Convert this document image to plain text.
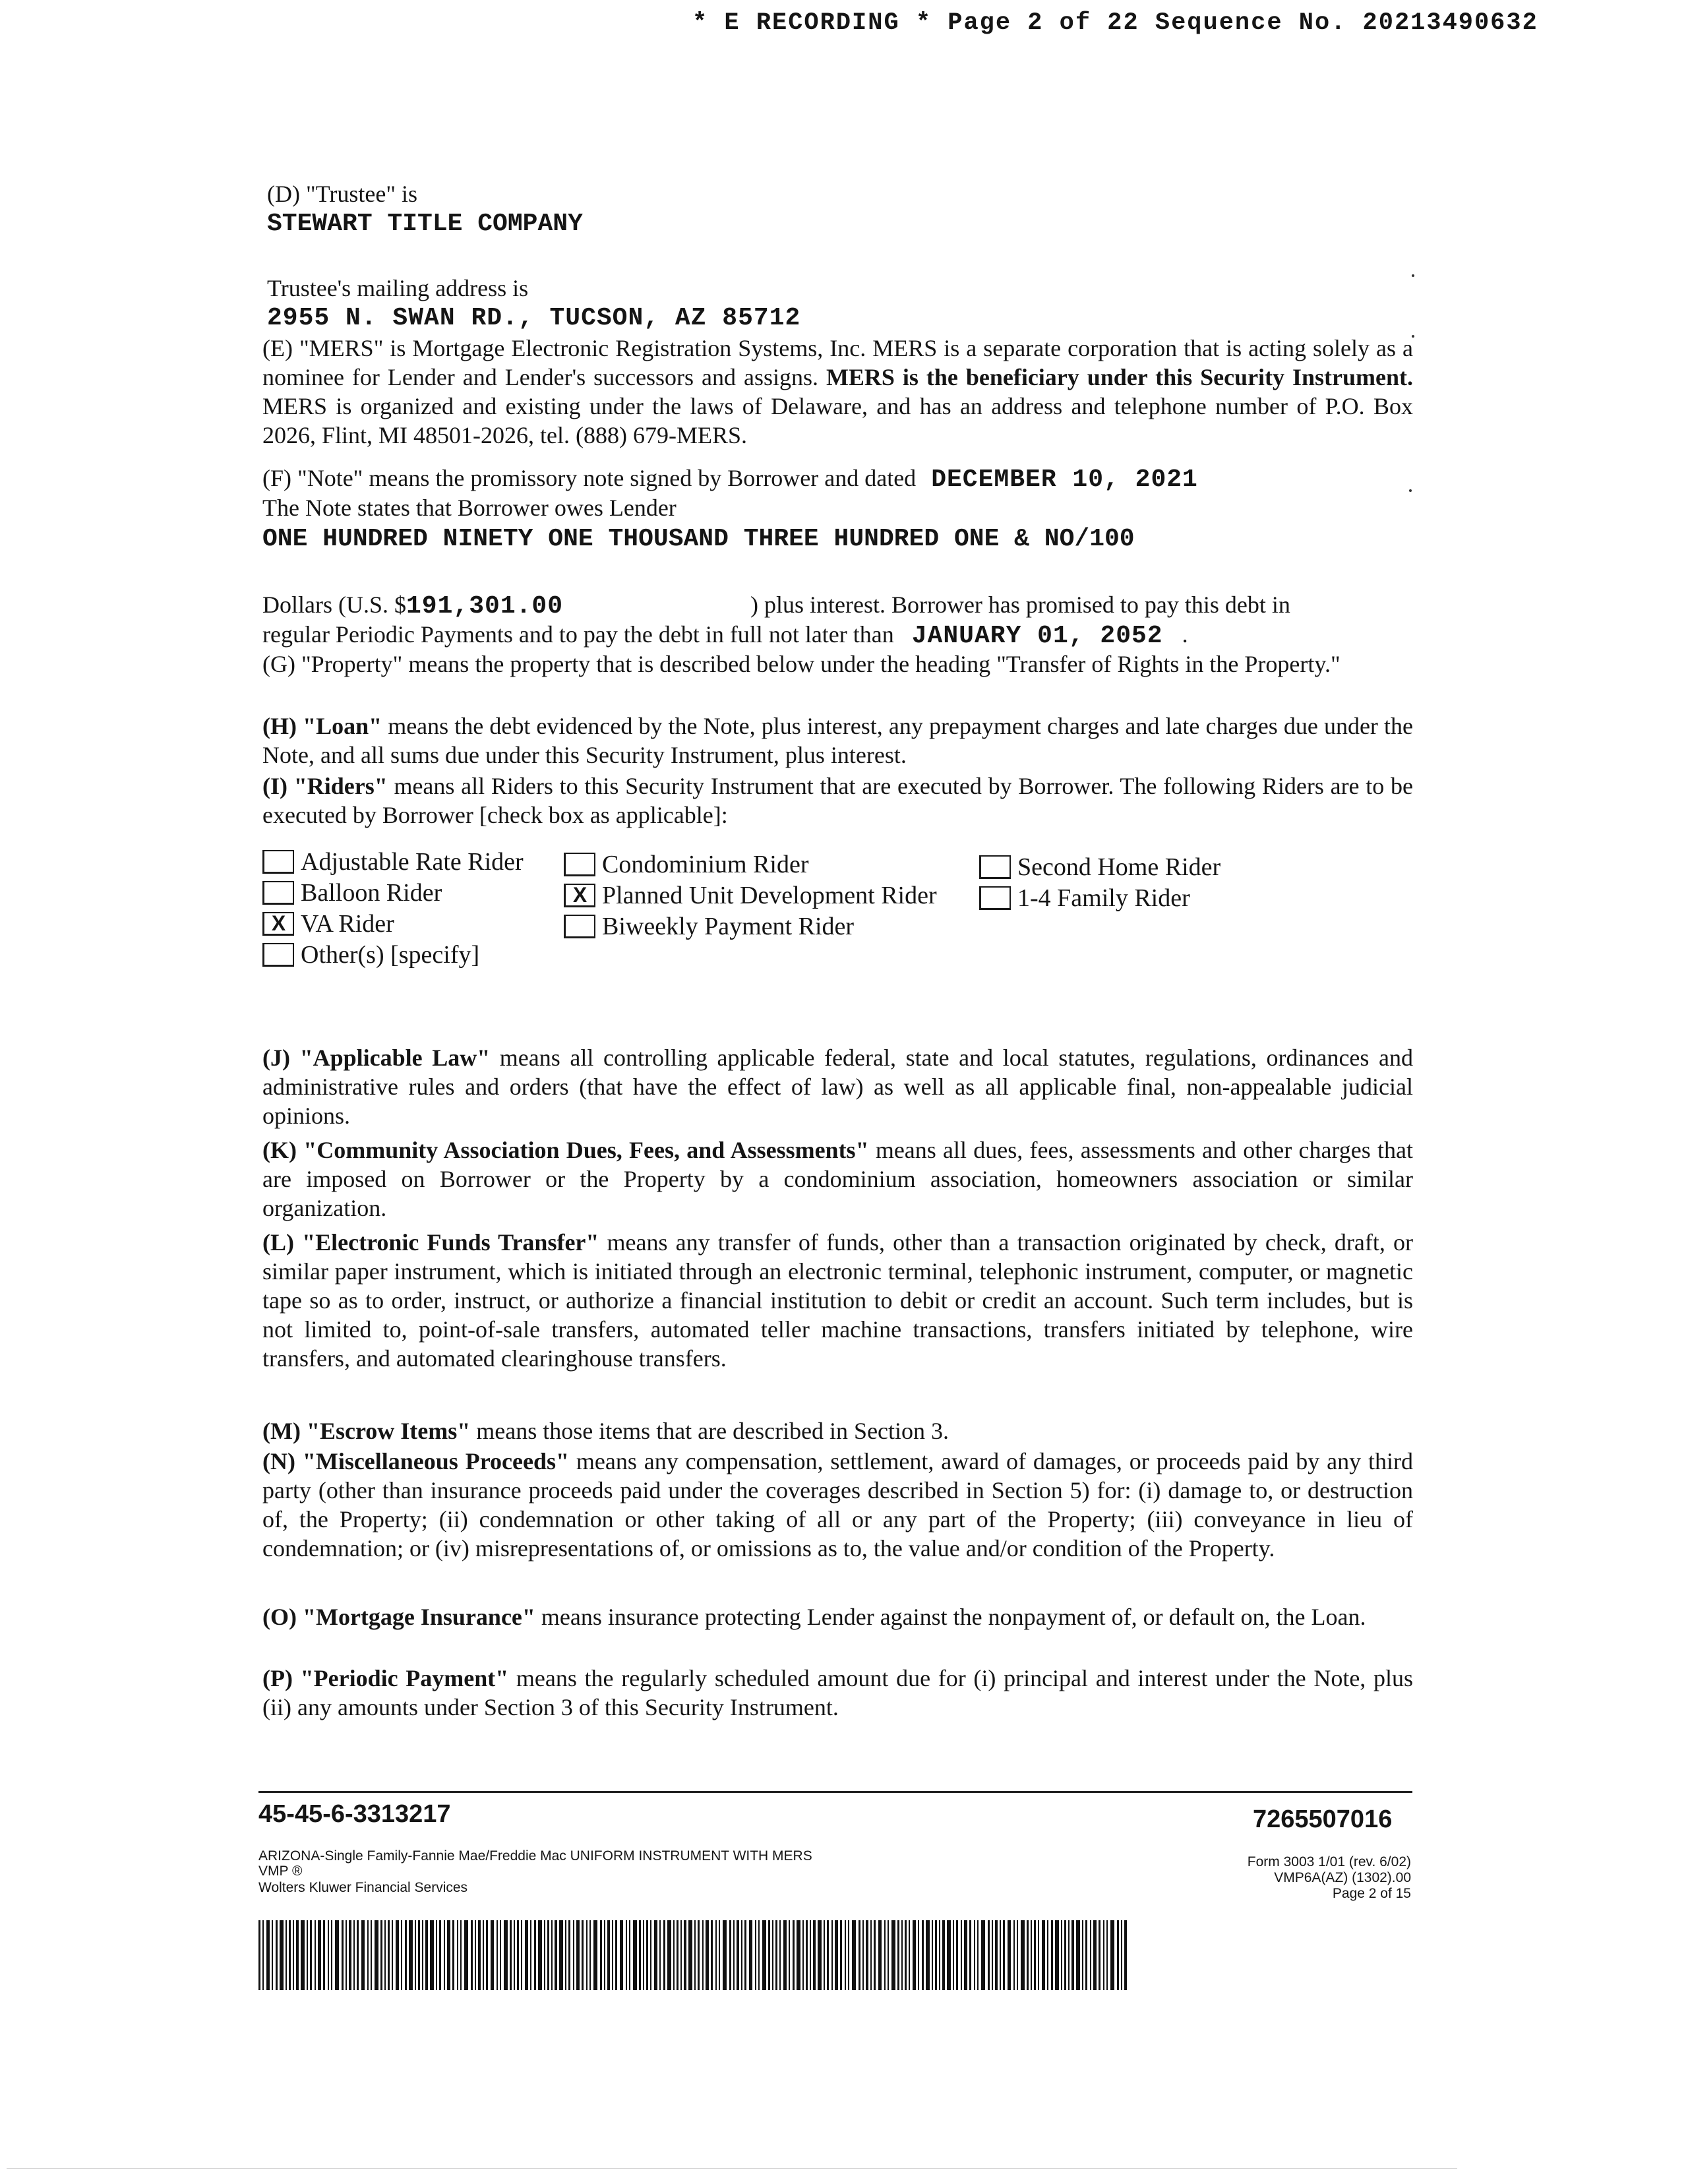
* E RECORDING * Page 2 of 22 Sequence No. 20213490632
(D) "Trustee" is
STEWART TITLE COMPANY
Trustee's mailing address is
2955 N. SWAN RD., TUCSON, AZ 85712
(E) "MERS" is Mortgage Electronic Registration Systems, Inc. MERS is a separate corporation that is acting solely as a nominee for Lender and Lender's successors and assigns. MERS is the beneficiary under this Security Instrument. MERS is organized and existing under the laws of Delaware, and has an address and telephone number of P.O. Box 2026, Flint, MI 48501-2026, tel. (888) 679-MERS.
(F) "Note" means the promissory note signed by Borrower and dated DECEMBER 10, 2021
The Note states that Borrower owes Lender
ONE HUNDRED NINETY ONE THOUSAND THREE HUNDRED ONE & NO/100
Dollars (U.S. $191,301.00	) plus interest. Borrower has promised to pay this debt in
regular Periodic Payments and to pay the debt in full not later than JANUARY 01, 2052 .
(G) "Property" means the property that is described below under the heading "Transfer of Rights in the Property."
(H) "Loan" means the debt evidenced by the Note, plus interest, any prepayment charges and late charges due under the Note, and all sums due under this Security Instrument, plus interest.
(I) "Riders" means all Riders to this Security Instrument that are executed by Borrower. The following Riders are to be executed by Borrower [check box as applicable]:
Adjustable Rate Rider
Balloon Rider
X VA Rider
Other(s) [specify]
Condominium Rider
X Planned Unit Development Rider
Biweekly Payment Rider
Second Home Rider
1-4 Family Rider
(J) "Applicable Law" means all controlling applicable federal, state and local statutes, regulations, ordinances and administrative rules and orders (that have the effect of law) as well as all applicable final, non-appealable judicial opinions.
(K) "Community Association Dues, Fees, and Assessments" means all dues, fees, assessments and other charges that are imposed on Borrower or the Property by a condominium association, homeowners association or similar organization.
(L) "Electronic Funds Transfer" means any transfer of funds, other than a transaction originated by check, draft, or similar paper instrument, which is initiated through an electronic terminal, telephonic instrument, computer, or magnetic tape so as to order, instruct, or authorize a financial institution to debit or credit an account. Such term includes, but is not limited to, point-of-sale transfers, automated teller machine transactions, transfers initiated by telephone, wire transfers, and automated clearinghouse transfers.
(M) "Escrow Items" means those items that are described in Section 3.
(N) "Miscellaneous Proceeds" means any compensation, settlement, award of damages, or proceeds paid by any third party (other than insurance proceeds paid under the coverages described in Section 5) for: (i) damage to, or destruction of, the Property; (ii) condemnation or other taking of all or any part of the Property; (iii) conveyance in lieu of condemnation; or (iv) misrepresentations of, or omissions as to, the value and/or condition of the Property.
(O) "Mortgage Insurance" means insurance protecting Lender against the nonpayment of, or default on, the Loan.
(P) "Periodic Payment" means the regularly scheduled amount due for (i) principal and interest under the Note, plus (ii) any amounts under Section 3 of this Security Instrument.
45-45-6-3313217	7265507016
ARIZONA-Single Family-Fannie Mae/Freddie Mac UNIFORM INSTRUMENT WITH MERS
VMP ®
Wolters Kluwer Financial Services
Form 3003 1/01 (rev. 6/02)
VMP6A(AZ) (1302).00
Page 2 of 15
